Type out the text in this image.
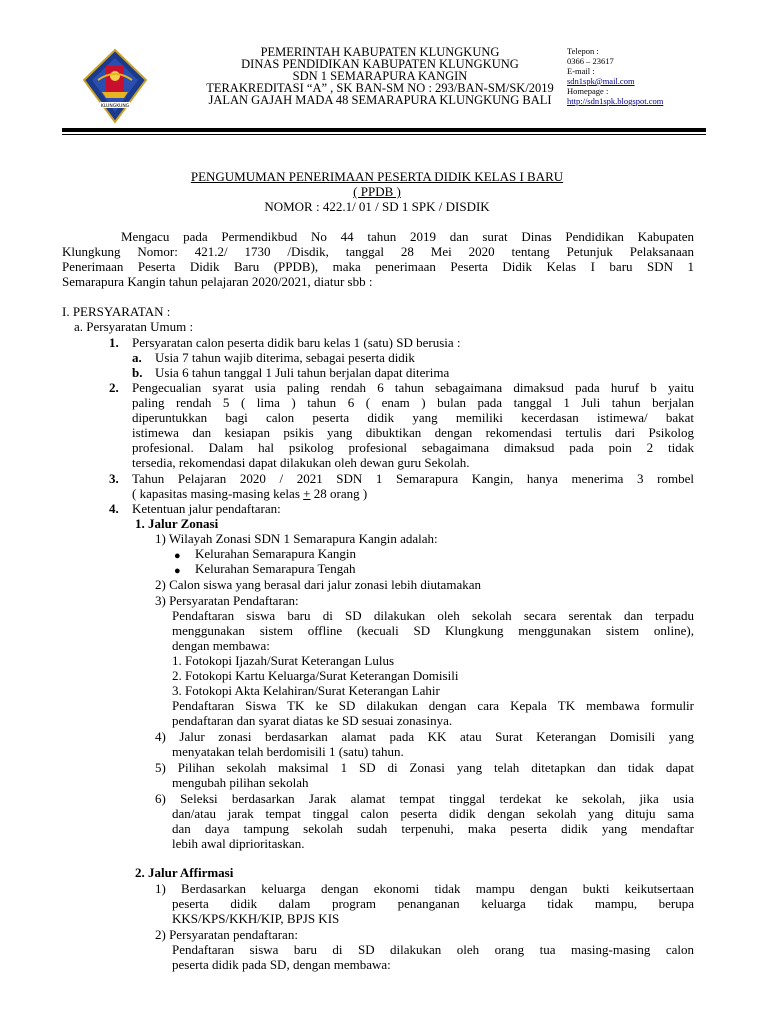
KLUNGKUNG
PEMERINTAH KABUPATEN KLUNGKUNG
DINAS PENDIDIKAN KABUPATEN KLUNGKUNG
SDN 1 SEMARAPURA KANGIN
TERAKREDITASI “A” , SK BAN-SM NO : 293/BAN-SM/SK/2019
JALAN GAJAH MADA 48 SEMARAPURA KLUNGKUNG BALI
Telepon :
0366 – 23617
E-mail :
sdn1spk@mail.com
Homepage :
http://sdn1spk.blogspot.com
PENGUMUMAN PENERIMAAN PESERTA DIDIK KELAS I BARU
( PPDB )
NOMOR : 422.1/ 01 / SD 1 SPK / DISDIK
Mengacu pada Permendikbud No 44 tahun 2019 dan surat Dinas Pendidikan Kabupaten
Klungkung Nomor: 421.2/ 1730 /Disdik, tanggal 28 Mei 2020 tentang Petunjuk Pelaksanaan
Penerimaan Peserta Didik Baru (PPDB), maka penerimaan Peserta Didik Kelas I baru SDN 1
Semarapura Kangin tahun pelajaran 2020/2021, diatur sbb :
I. PERSYARATAN :
a. Persyaratan Umum :
1. Persyaratan calon peserta didik baru kelas 1 (satu) SD berusia :
a. Usia 7 tahun wajib diterima, sebagai peserta didik
b. Usia 6 tahun tanggal 1 Juli tahun berjalan dapat diterima
2. Pengecualian syarat usia paling rendah 6 tahun sebagaimana dimaksud pada huruf b yaitu
paling rendah 5 ( lima ) tahun 6 ( enam ) bulan pada tanggal 1 Juli tahun berjalan
diperuntukkan bagi calon peserta didik yang memiliki kecerdasan istimewa/ bakat
istimewa dan kesiapan psikis yang dibuktikan dengan rekomendasi tertulis dari Psikolog
profesional. Dalam hal psikolog profesional sebagaimana dimaksud pada poin 2 tidak
tersedia, rekomendasi dapat dilakukan oleh dewan guru Sekolah.
3. Tahun Pelajaran 2020 / 2021 SDN 1 Semarapura Kangin, hanya menerima 3 rombel
( kapasitas masing-masing kelas + 28 orang )
4. Ketentuan jalur pendaftaran:
1. Jalur Zonasi
1) Wilayah Zonasi SDN 1 Semarapura Kangin adalah:
● Kelurahan Semarapura Kangin
● Kelurahan Semarapura Tengah
2) Calon siswa yang berasal dari jalur zonasi lebih diutamakan
3) Persyaratan Pendaftaran:
Pendaftaran siswa baru di SD dilakukan oleh sekolah secara serentak dan terpadu
menggunakan sistem offline (kecuali SD Klungkung menggunakan sistem online),
dengan membawa:
1. Fotokopi Ijazah/Surat Keterangan Lulus
2. Fotokopi Kartu Keluarga/Surat Keterangan Domisili
3. Fotokopi Akta Kelahiran/Surat Keterangan Lahir
Pendaftaran Siswa TK ke SD dilakukan dengan cara Kepala TK membawa formulir
pendaftaran dan syarat diatas ke SD sesuai zonasinya.
4) Jalur zonasi berdasarkan alamat pada KK atau Surat Keterangan Domisili yang
menyatakan telah berdomisili 1 (satu) tahun.
5) Pilihan sekolah maksimal 1 SD di Zonasi yang telah ditetapkan dan tidak dapat
mengubah pilihan sekolah
6) Seleksi berdasarkan Jarak alamat tempat tinggal terdekat ke sekolah, jika usia
dan/atau jarak tempat tinggal calon peserta didik dengan sekolah yang dituju sama
dan daya tampung sekolah sudah terpenuhi, maka peserta didik yang mendaftar
lebih awal diprioritaskan.
2. Jalur Affirmasi
1) Berdasarkan keluarga dengan ekonomi tidak mampu dengan bukti keikutsertaan
peserta didik dalam program penanganan keluarga tidak mampu, berupa
KKS/KPS/KKH/KIP, BPJS KIS
2) Persyaratan pendaftaran:
Pendaftaran siswa baru di SD dilakukan oleh orang tua masing-masing calon
peserta didik pada SD, dengan membawa:
